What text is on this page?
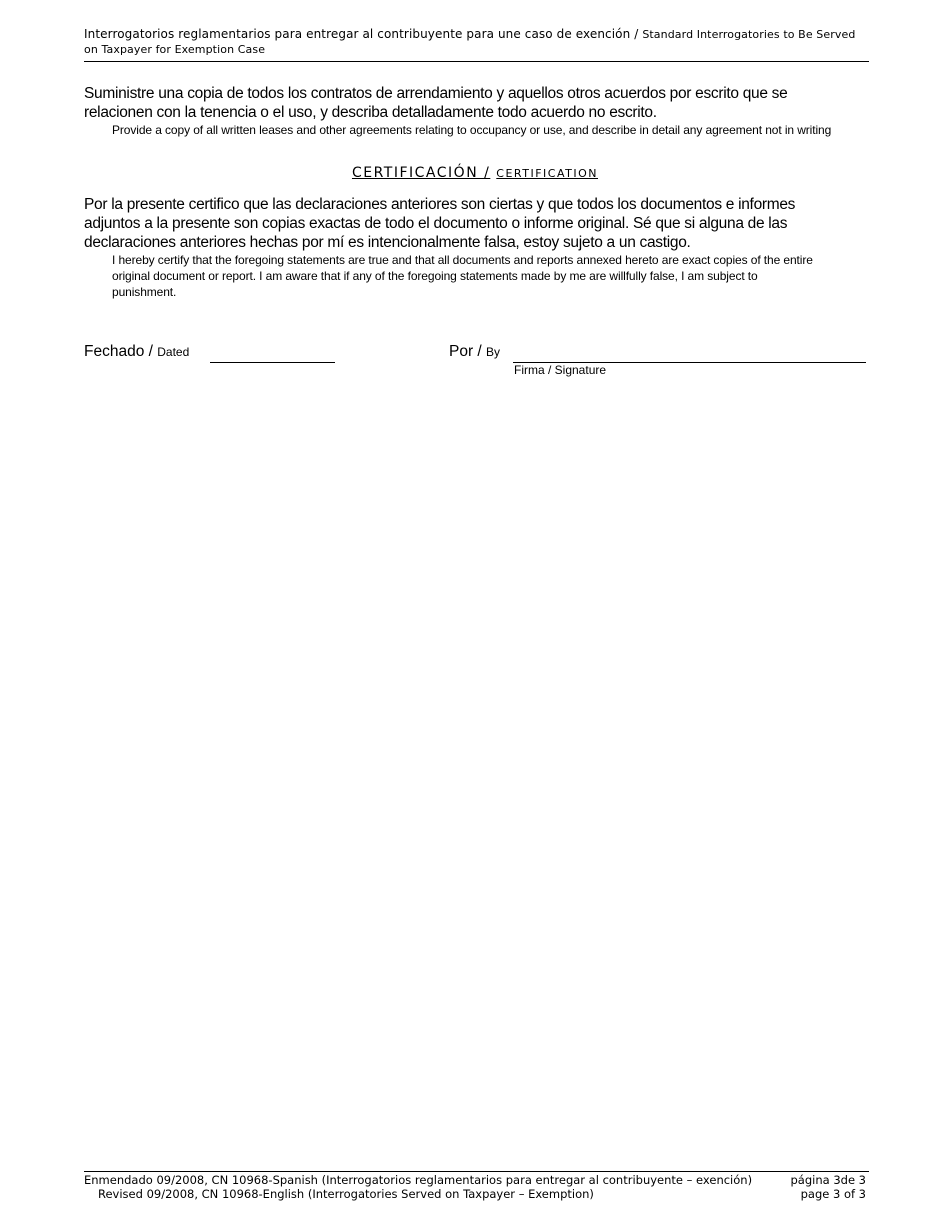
Interrogatorios reglamentarios para entregar al contribuyente para une caso de exención / Standard Interrogatories to Be Served on Taxpayer for Exemption Case
Suministre una copia de todos los contratos de arrendamiento y aquellos otros acuerdos por escrito que se relacionen con la tenencia o el uso, y describa detalladamente todo acuerdo no escrito.
Provide a copy of all written leases and other agreements relating to occupancy or use, and describe in detail any agreement not in writing
CERTIFICACIÓN / CERTIFICATION
Por la presente certifico que las declaraciones anteriores son ciertas y que todos los documentos e informes adjuntos a la presente son copias exactas de todo el documento o informe original. Sé que si alguna de las declaraciones anteriores hechas por mí es intencionalmente falsa, estoy sujeto a un castigo.
I hereby certify that the foregoing statements are true and that all documents and reports annexed hereto are exact copies of the entire original document or report. I am aware that if any of the foregoing statements made by me are willfully false, I am subject to punishment.
Fechado / Dated	Por / By
Firma / Signature
Enmendado 09/2008, CN 10968-Spanish (Interrogatorios reglamentarios para entregar al contribuyente – exención)
Revised 09/2008, CN 10968-English (Interrogatories Served on Taxpayer – Exemption)
página 3de 3
page 3 of 3
